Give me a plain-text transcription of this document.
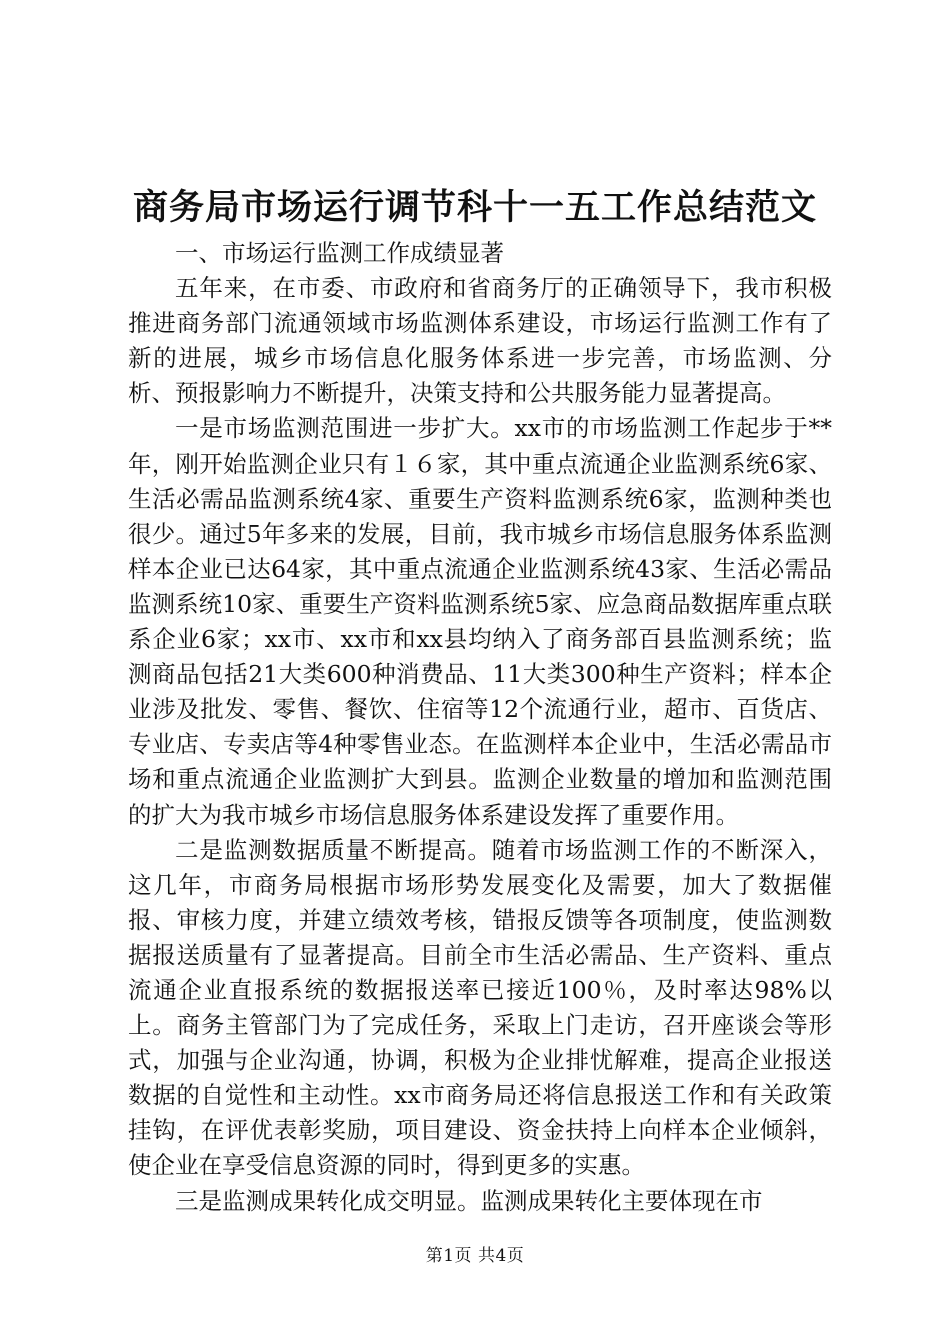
商务局市场运行调节科十一五工作总结范文

一、市场运行监测工作成绩显著

五年来，在市委、市政府和省商务厅的正确领导下，我市积极推进商务部门流通领域市场监测体系建设，市场运行监测工作有了新的进展，城乡市场信息化服务体系进一步完善，市场监测、分析、预报影响力不断提升，决策支持和公共服务能力显著提高。

一是市场监测范围进一步扩大。xx市的市场监测工作起步于**年，刚开始监测企业只有１６家，其中重点流通企业监测系统6家、生活必需品监测系统4家、重要生产资料监测系统6家，监测种类也很少。通过5年多来的发展，目前，我市城乡市场信息服务体系监测样本企业已达64家，其中重点流通企业监测系统43家、生活必需品监测系统10家、重要生产资料监测系统5家、应急商品数据库重点联系企业6家；xx市、xx市和xx县均纳入了商务部百县监测系统；监测商品包括21大类600种消费品、11大类300种生产资料；样本企业涉及批发、零售、餐饮、住宿等12个流通行业，超市、百货店、专业店、专卖店等4种零售业态。在监测样本企业中，生活必需品市场和重点流通企业监测扩大到县。监测企业数量的增加和监测范围的扩大为我市城乡市场信息服务体系建设发挥了重要作用。

二是监测数据质量不断提高。随着市场监测工作的不断深入，这几年，市商务局根据市场形势发展变化及需要，加大了数据催报、审核力度，并建立绩效考核，错报反馈等各项制度，使监测数据报送质量有了显著提高。目前全市生活必需品、生产资料、重点流通企业直报系统的数据报送率已接近100％，及时率达98%以上。商务主管部门为了完成任务，采取上门走访，召开座谈会等形式，加强与企业沟通，协调，积极为企业排忧解难，提高企业报送数据的自觉性和主动性。xx市商务局还将信息报送工作和有关政策挂钩，在评优表彰奖励，项目建设、资金扶持上向样本企业倾斜，使企业在享受信息资源的同时，得到更多的实惠。

三是监测成果转化成交明显。监测成果转化主要体现在市

第1页 共4页
